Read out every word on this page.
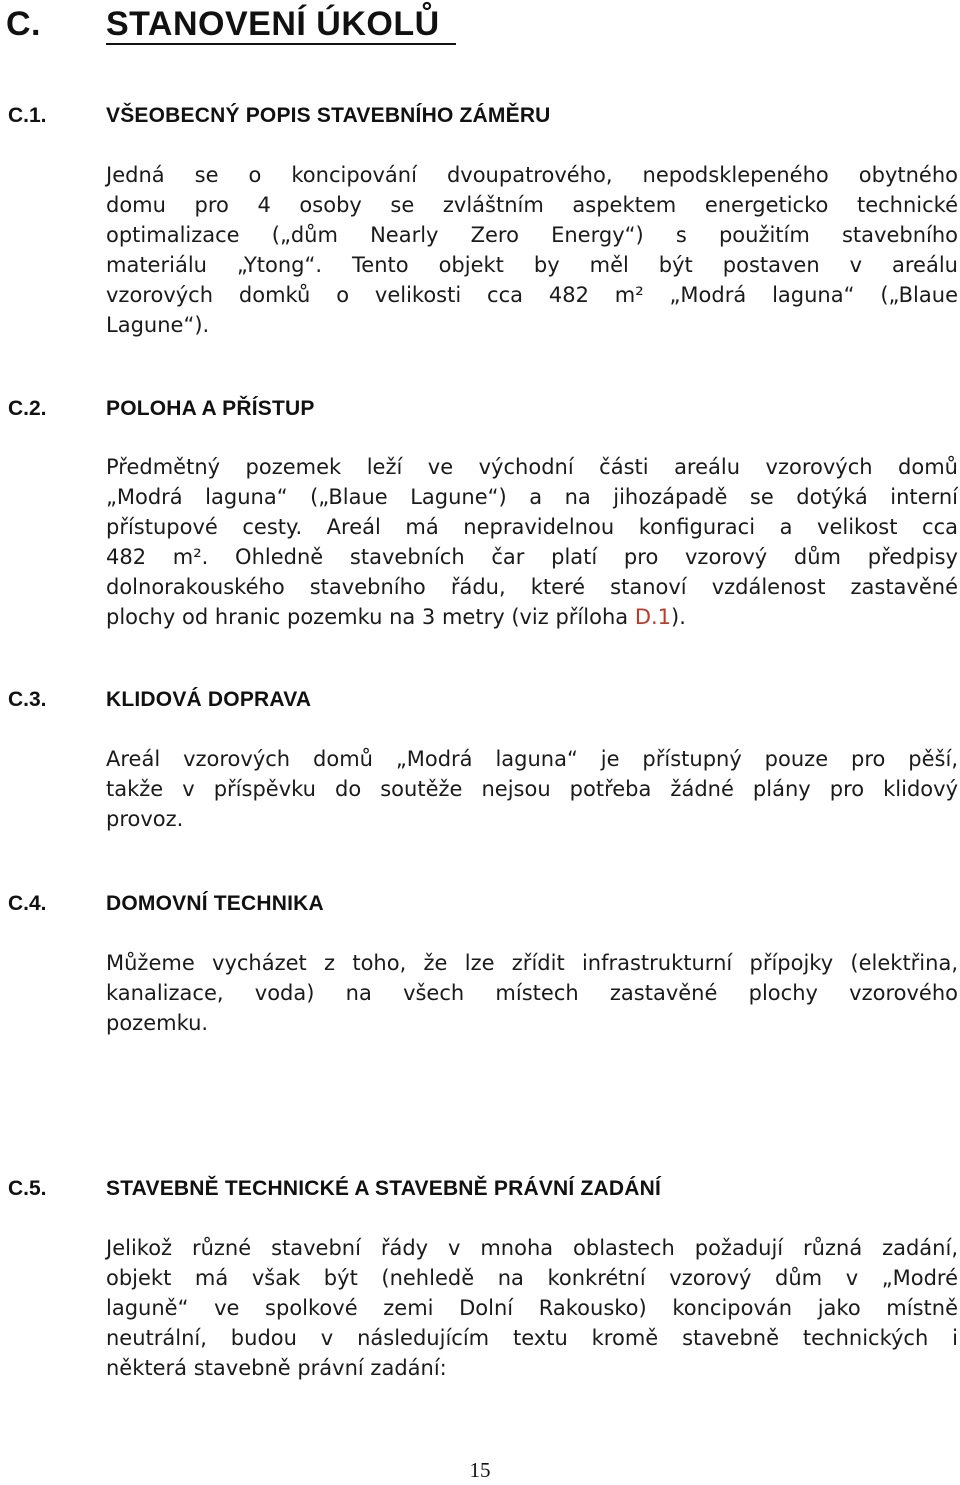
C. STANOVENÍ ÚKOLŮ
C.1.	VŠEOBECNÝ POPIS STAVEBNÍHO ZÁMĚRU
Jedná se o koncipování dvoupatrového, nepodsklepeného obytného
domu pro 4 osoby se zvláštním aspektem energeticko technické
optimalizace („dům Nearly Zero Energy“) s použitím stavebního
materiálu „Ytong“. Tento objekt by měl být postaven v areálu
vzorových domků o velikosti cca 482 m² „Modrá laguna“ („Blaue
Lagune“).
C.2.	POLOHA A PŘÍSTUP
Předmětný pozemek leží ve východní části areálu vzorových domů
„Modrá laguna“ („Blaue Lagune“) a na jihozápadě se dotýká interní
přístupové cesty. Areál má nepravidelnou konfiguraci a velikost cca
482 m². Ohledně stavebních čar platí pro vzorový dům předpisy
dolnorakouského stavebního řádu, které stanoví vzdálenost zastavěné
plochy od hranic pozemku na 3 metry (viz příloha D.1).
C.3.	KLIDOVÁ DOPRAVA
Areál vzorových domů „Modrá laguna“ je přístupný pouze pro pěší,
takže v příspěvku do soutěže nejsou potřeba žádné plány pro klidový
provoz.
C.4.	DOMOVNÍ TECHNIKA
Můžeme vycházet z toho, že lze zřídit infrastrukturní přípojky (elektřina,
kanalizace, voda) na všech místech zastavěné plochy vzorového
pozemku.
C.5.	STAVEBNĚ TECHNICKÉ A STAVEBNĚ PRÁVNÍ ZADÁNÍ
Jelikož různé stavební řády v mnoha oblastech požadují různá zadání,
objekt má však být (nehledě na konkrétní vzorový dům v „Modré
laguně“ ve spolkové zemi Dolní Rakousko) koncipován jako místně
neutrální, budou v následujícím textu kromě stavebně technických i
některá stavebně právní zadání:
15
